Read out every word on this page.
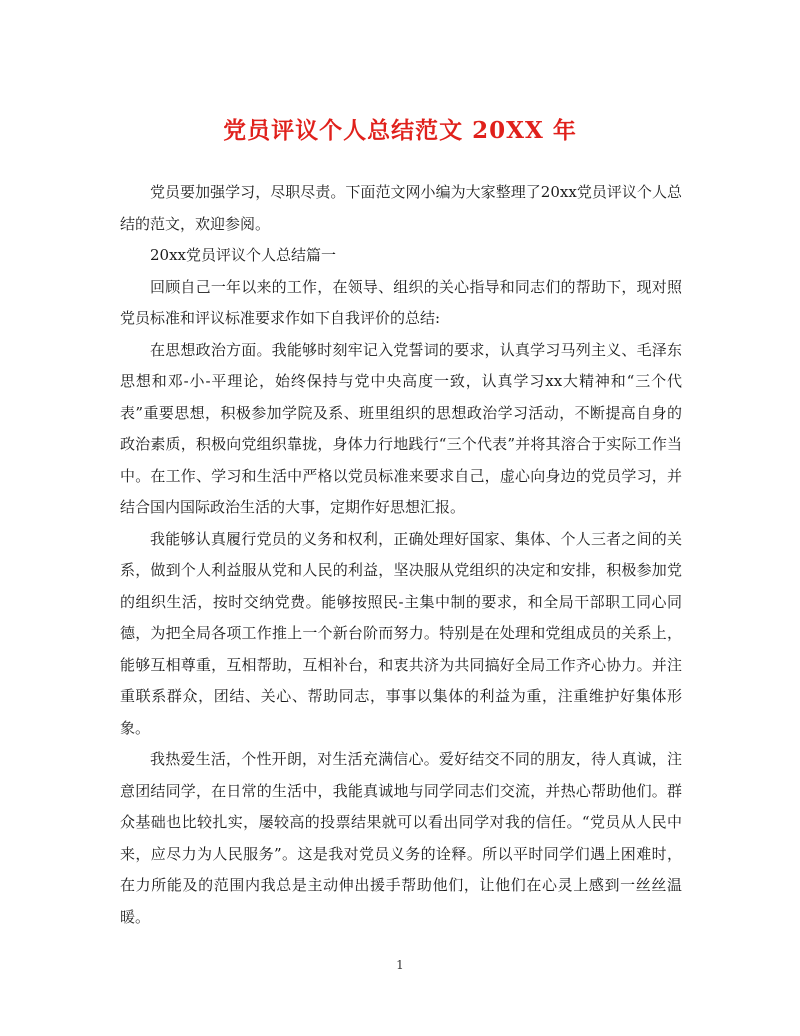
党员评议个人总结范文 20XX 年

党员要加强学习，尽职尽责。下面范文网小编为大家整理了20xx党员评议个人总结的范文，欢迎参阅。

20xx党员评议个人总结篇一

回顾自己一年以来的工作，在领导、组织的关心指导和同志们的帮助下，现对照党员标准和评议标准要求作如下自我评价的总结:

在思想政治方面。我能够时刻牢记入党誓词的要求，认真学习马列主义、毛泽东思想和邓-小-平理论，始终保持与党中央高度一致，认真学习xx大精神和“三个代表”重要思想，积极参加学院及系、班里组织的思想政治学习活动，不断提高自身的政治素质，积极向党组织靠拢，身体力行地践行“三个代表”并将其溶合于实际工作当中。在工作、学习和生活中严格以党员标准来要求自己，虚心向身边的党员学习，并结合国内国际政治生活的大事，定期作好思想汇报。

我能够认真履行党员的义务和权利，正确处理好国家、集体、个人三者之间的关系，做到个人利益服从党和人民的利益，坚决服从党组织的决定和安排，积极参加党的组织生活，按时交纳党费。能够按照民-主集中制的要求，和全局干部职工同心同德，为把全局各项工作推上一个新台阶而努力。特别是在处理和党组成员的关系上，能够互相尊重，互相帮助，互相补台，和衷共济为共同搞好全局工作齐心协力。并注重联系群众，团结、关心、帮助同志，事事以集体的利益为重，注重维护好集体形象。

我热爱生活，个性开朗，对生活充满信心。爱好结交不同的朋友，待人真诚，注意团结同学，在日常的生活中，我能真诚地与同学同志们交流，并热心帮助他们。群众基础也比较扎实，屡较高的投票结果就可以看出同学对我的信任。“党员从人民中来，应尽力为人民服务”。这是我对党员义务的诠释。所以平时同学们遇上困难时，在力所能及的范围内我总是主动伸出援手帮助他们，让他们在心灵上感到一丝丝温暖。

1
